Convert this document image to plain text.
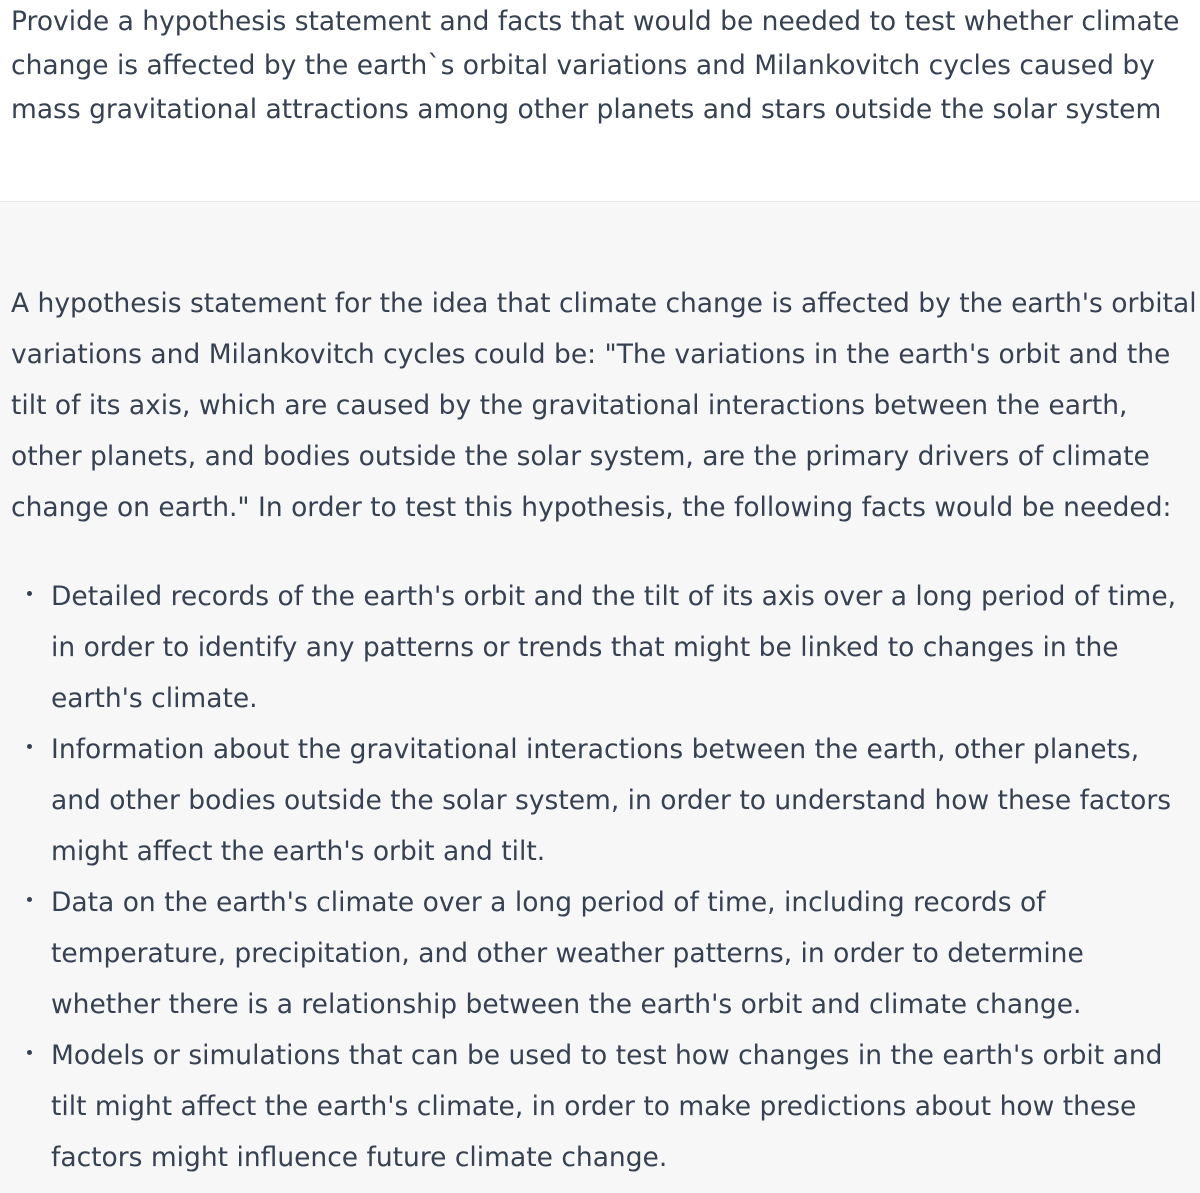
Provide a hypothesis statement and facts that would be needed to test whether climate change is affected by the earth`s orbital variations and Milankovitch cycles caused by mass gravitational attractions among other planets and stars outside the solar system

A hypothesis statement for the idea that climate change is affected by the earth's orbital variations and Milankovitch cycles could be: "The variations in the earth's orbit and the tilt of its axis, which are caused by the gravitational interactions between the earth, other planets, and bodies outside the solar system, are the primary drivers of climate change on earth." In order to test this hypothesis, the following facts would be needed:

Detailed records of the earth's orbit and the tilt of its axis over a long period of time, in order to identify any patterns or trends that might be linked to changes in the earth's climate.
Information about the gravitational interactions between the earth, other planets, and other bodies outside the solar system, in order to understand how these factors might affect the earth's orbit and tilt.
Data on the earth's climate over a long period of time, including records of temperature, precipitation, and other weather patterns, in order to determine whether there is a relationship between the earth's orbit and climate change.
Models or simulations that can be used to test how changes in the earth's orbit and tilt might affect the earth's climate, in order to make predictions about how these factors might influence future climate change.
